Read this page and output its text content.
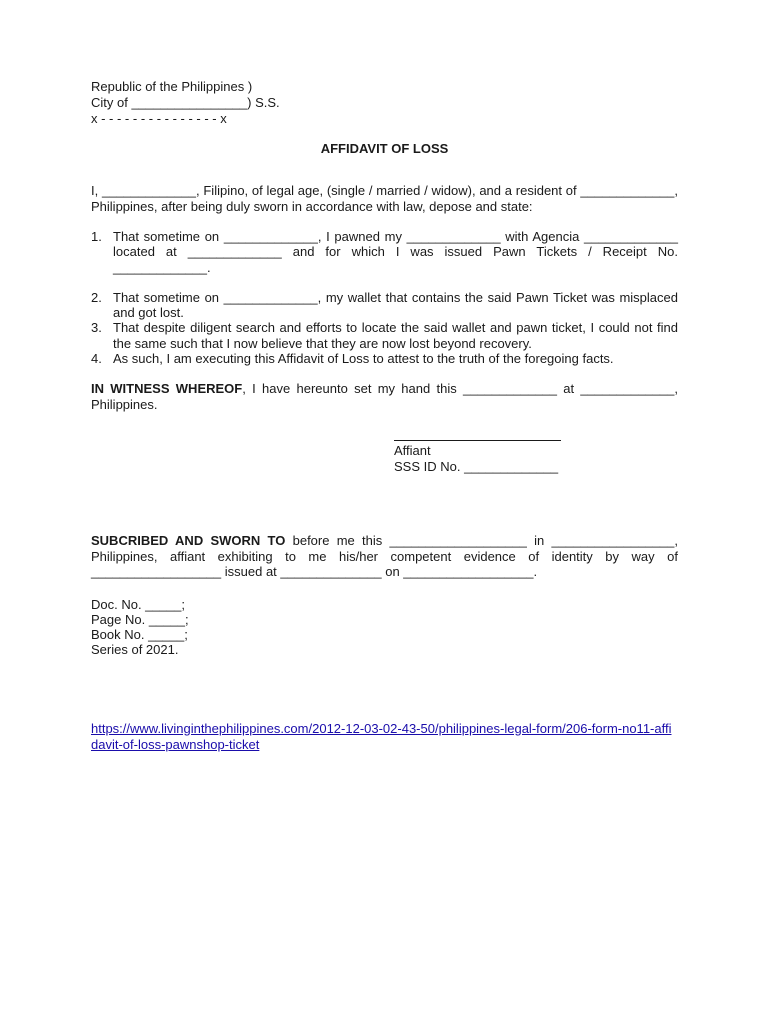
Republic of the Philippines )
City of ________________) S.S.
x - - - - - - - - - - - - - - - x
AFFIDAVIT OF LOSS
I, _____________, Filipino, of legal age, (single / married / widow), and a resident of _____________, Philippines, after being duly sworn in accordance with law, depose and state:
1. That sometime on _____________, I pawned my _____________ with Agencia _____________ located at _____________ and for which I was issued Pawn Tickets / Receipt No. _____________.
2. That sometime on _____________, my wallet that contains the said Pawn Ticket was misplaced and got lost.
3. That despite diligent search and efforts to locate the said wallet and pawn ticket, I could not find the same such that I now believe that they are now lost beyond recovery.
4. As such, I am executing this Affidavit of Loss to attest to the truth of the foregoing facts.
IN WITNESS WHEREOF, I have hereunto set my hand this _____________ at _____________, Philippines.
Affiant
SSS ID No. _____________
SUBCRIBED AND SWORN TO before me this ___________________ in _________________, Philippines, affiant exhibiting to me his/her competent evidence of identity by way of __________________ issued at ______________ on __________________.
Doc. No. _____;
Page No. _____;
Book No. _____;
Series of 2021.
https://www.livinginthephilippines.com/2012-12-03-02-43-50/philippines-legal-form/206-form-no11-affidavit-of-loss-pawnshop-ticket
